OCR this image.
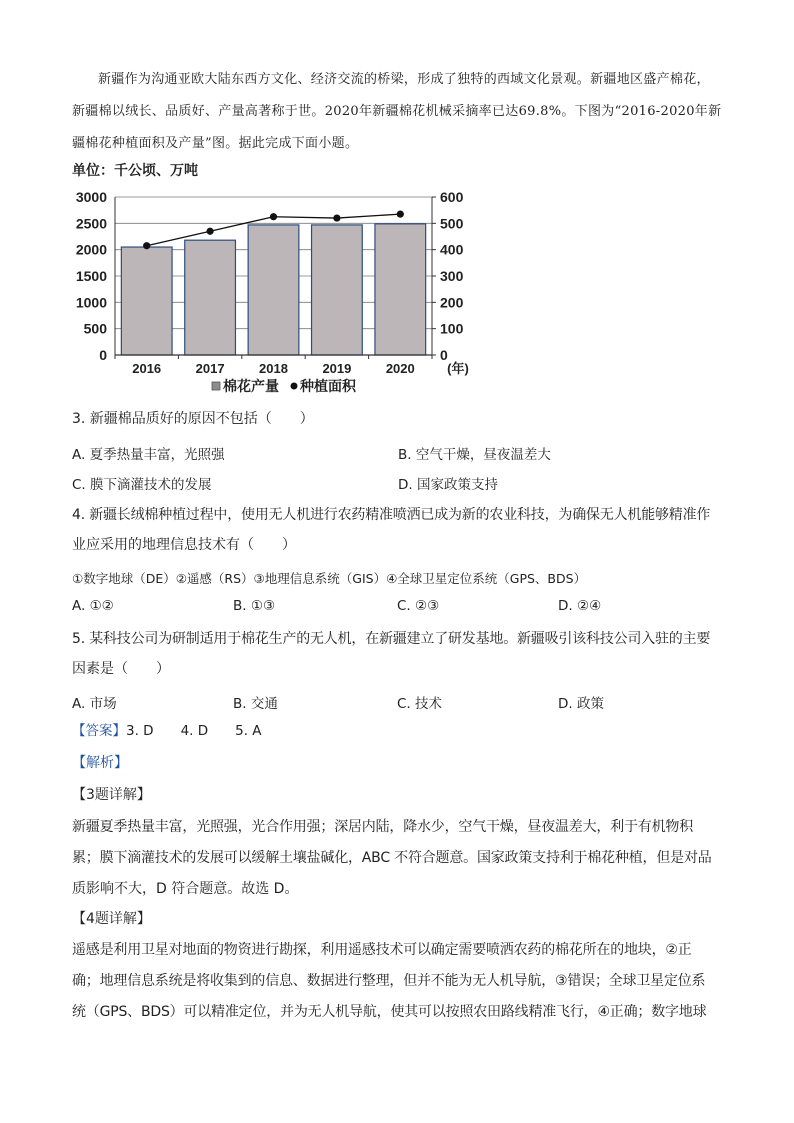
新疆作为沟通亚欧大陆东西方文化、经济交流的桥梁，形成了独特的西域文化景观。新疆地区盛产棉花，新疆棉以绒长、品质好、产量高著称于世。2020年新疆棉花机械采摘率已达69.8%。下图为“2016-2020年新疆棉花种植面积及产量”图。据此完成下面小题。
单位：千公顷、万吨
0
500
1000
1500
2000
2500
3000
0
100
200
300
400
500
600
2016	2017	2018	2019	2020 (年)
棉花产量 种植面积
3. 新疆棉品质好的原因不包括（　　）
A. 夏季热量丰富，光照强	B. 空气干燥，昼夜温差大
C. 膜下滴灌技术的发展	D. 国家政策支持
4. 新疆长绒棉种植过程中，使用无人机进行农药精准喷洒已成为新的农业科技，为确保无人机能够精准作
业应采用的地理信息技术有（　　）
①数字地球（DE）②遥感（RS）③地理信息系统（GIS）④全球卫星定位系统（GPS、BDS）
A. ①②	B. ①③	C. ②③	D. ②④
5. 某科技公司为研制适用于棉花生产的无人机，在新疆建立了研发基地。新疆吸引该科技公司入驻的主要
因素是（　　）
A. 市场	B. 交通	C. 技术	D. 政策
【答案】3. D　　4. D　　5. A
【解析】
【3题详解】
新疆夏季热量丰富，光照强，光合作用强；深居内陆，降水少，空气干燥，昼夜温差大，利于有机物积
累；膜下滴灌技术的发展可以缓解土壤盐碱化，ABC 不符合题意。国家政策支持利于棉花种植，但是对品
质影响不大，D 符合题意。故选 D。
【4题详解】
遥感是利用卫星对地面的物资进行勘探，利用遥感技术可以确定需要喷洒农药的棉花所在的地块，②正
确；地理信息系统是将收集到的信息、数据进行整理，但并不能为无人机导航，③错误；全球卫星定位系
统（GPS、BDS）可以精准定位，并为无人机导航，使其可以按照农田路线精准飞行，④正确；数字地球
